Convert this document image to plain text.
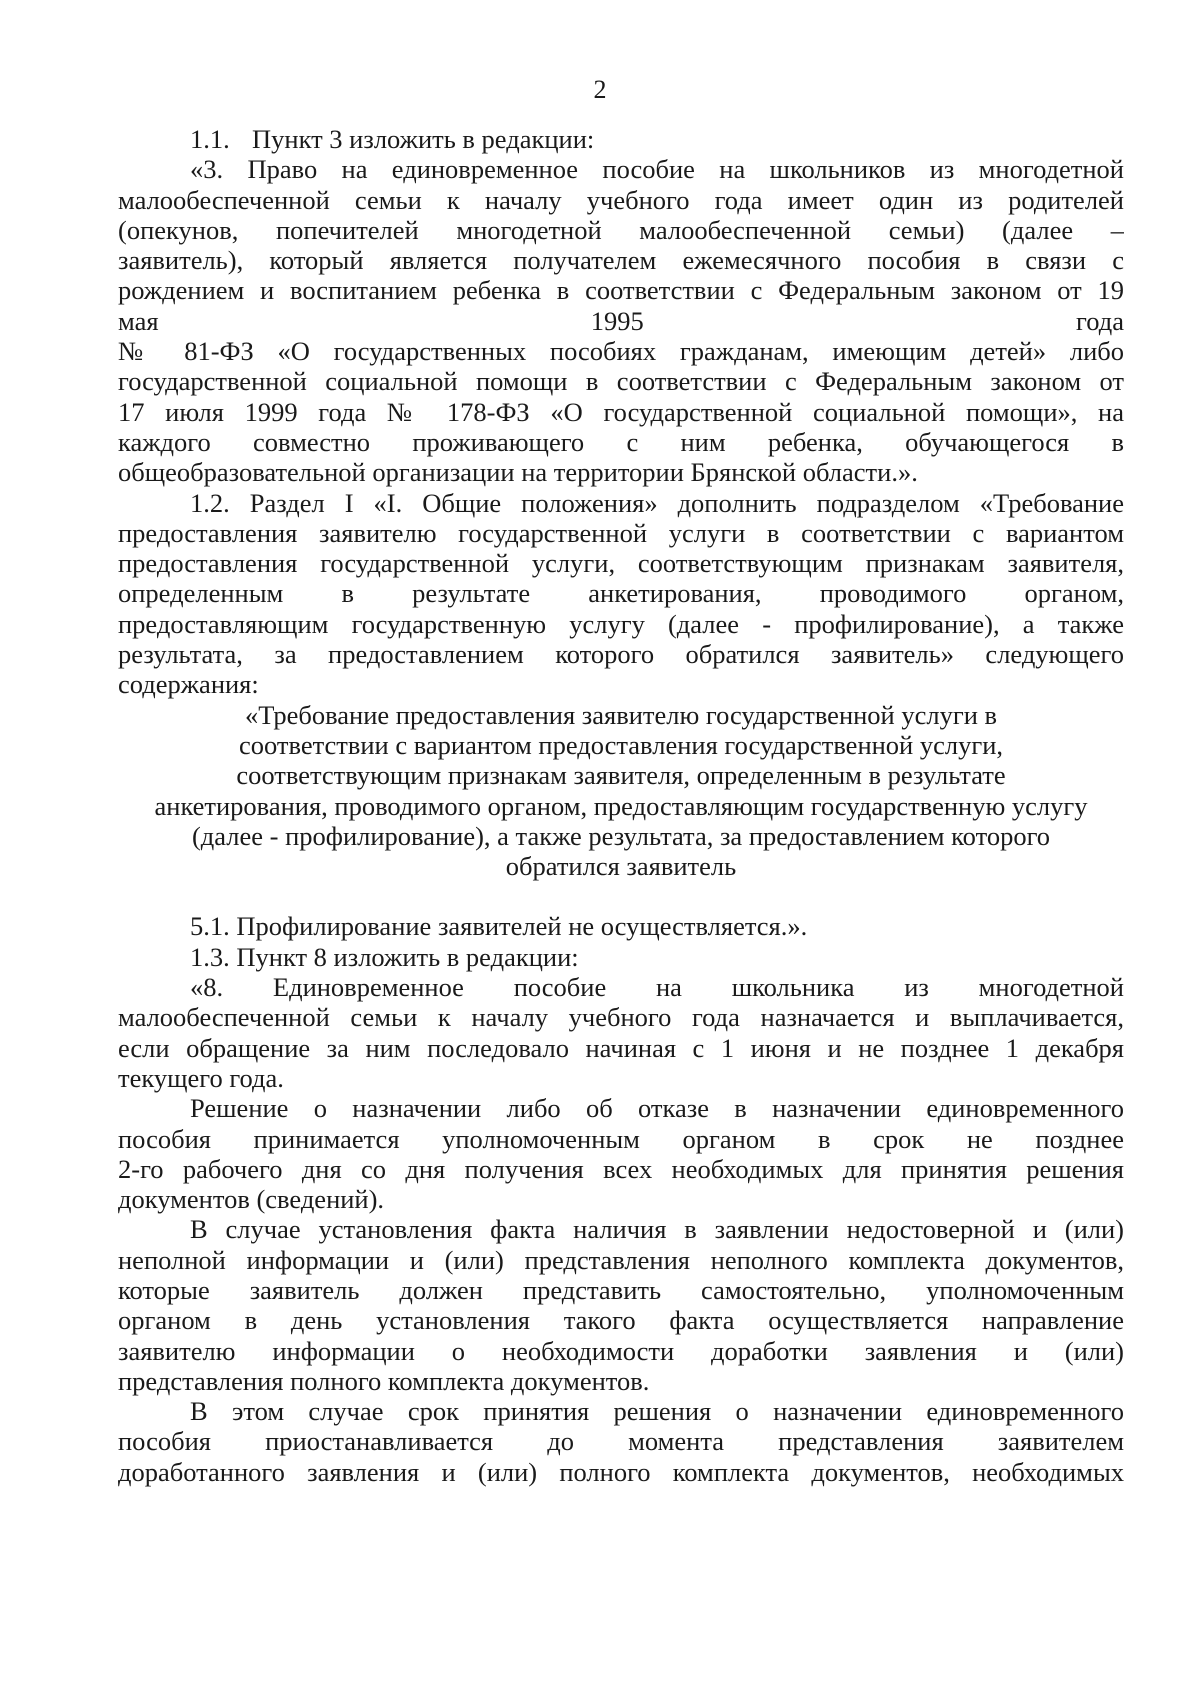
2
1.1. Пункт 3 изложить в редакции:
«3. Право на единовременное пособие на школьников из многодетной
малообеспеченной семьи к началу учебного года имеет один из родителей
(опекунов, попечителей многодетной малообеспеченной семьи) (далее –
заявитель), который является получателем ежемесячного пособия в связи с
рождением и воспитанием ребенка в соответствии с Федеральным законом от 19
мая 1995 года
№ 81-ФЗ «О государственных пособиях гражданам, имеющим детей» либо
государственной социальной помощи в соответствии с Федеральным законом от
17 июля 1999 года № 178-ФЗ «О государственной социальной помощи», на
каждого совместно проживающего с ним ребенка, обучающегося в
общеобразовательной организации на территории Брянской области.».
1.2. Раздел I «I. Общие положения» дополнить подразделом «Требование
предоставления заявителю государственной услуги в соответствии с вариантом
предоставления государственной услуги, соответствующим признакам заявителя,
определенным в результате анкетирования, проводимого органом,
предоставляющим государственную услугу (далее - профилирование), а также
результата, за предоставлением которого обратился заявитель» следующего
содержания:
«Требование предоставления заявителю государственной услуги в
соответствии с вариантом предоставления государственной услуги,
соответствующим признакам заявителя, определенным в результате
анкетирования, проводимого органом, предоставляющим государственную услугу
(далее - профилирование), а также результата, за предоставлением которого
обратился заявитель
5.1. Профилирование заявителей не осуществляется.».
1.3. Пункт 8 изложить в редакции:
«8. Единовременное пособие на школьника из многодетной
малообеспеченной семьи к началу учебного года назначается и выплачивается,
если обращение за ним последовало начиная с 1 июня и не позднее 1 декабря
текущего года.
Решение о назначении либо об отказе в назначении единовременного
пособия принимается уполномоченным органом в срок не позднее
2-го рабочего дня со дня получения всех необходимых для принятия решения
документов (сведений).
В случае установления факта наличия в заявлении недостоверной и (или)
неполной информации и (или) представления неполного комплекта документов,
которые заявитель должен представить самостоятельно, уполномоченным
органом в день установления такого факта осуществляется направление
заявителю информации о необходимости доработки заявления и (или)
представления полного комплекта документов.
В этом случае срок принятия решения о назначении единовременного
пособия приостанавливается до момента представления заявителем
доработанного заявления и (или) полного комплекта документов, необходимых
